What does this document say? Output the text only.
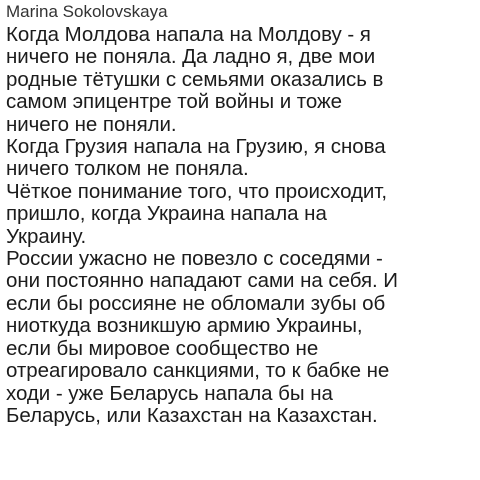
Marina Sokolovskaya
Когда Молдова напала на Молдову - я
ничего не поняла. Да ладно я, две мои
родные тётушки с семьями оказались в
самом эпицентре той войны и тоже
ничего не поняли.
Когда Грузия напала на Грузию, я снова
ничего толком не поняла.
Чёткое понимание того, что происходит,
пришло, когда Украина напала на
Украину.
России ужасно не повезло с соседями -
они постоянно нападают сами на себя. И
если бы россияне не обломали зубы об
ниоткуда возникшую армию Украины,
если бы мировое сообщество не
отреагировало санкциями, то к бабке не
ходи - уже Беларусь напала бы на
Беларусь, или Казахстан на Казахстан.
